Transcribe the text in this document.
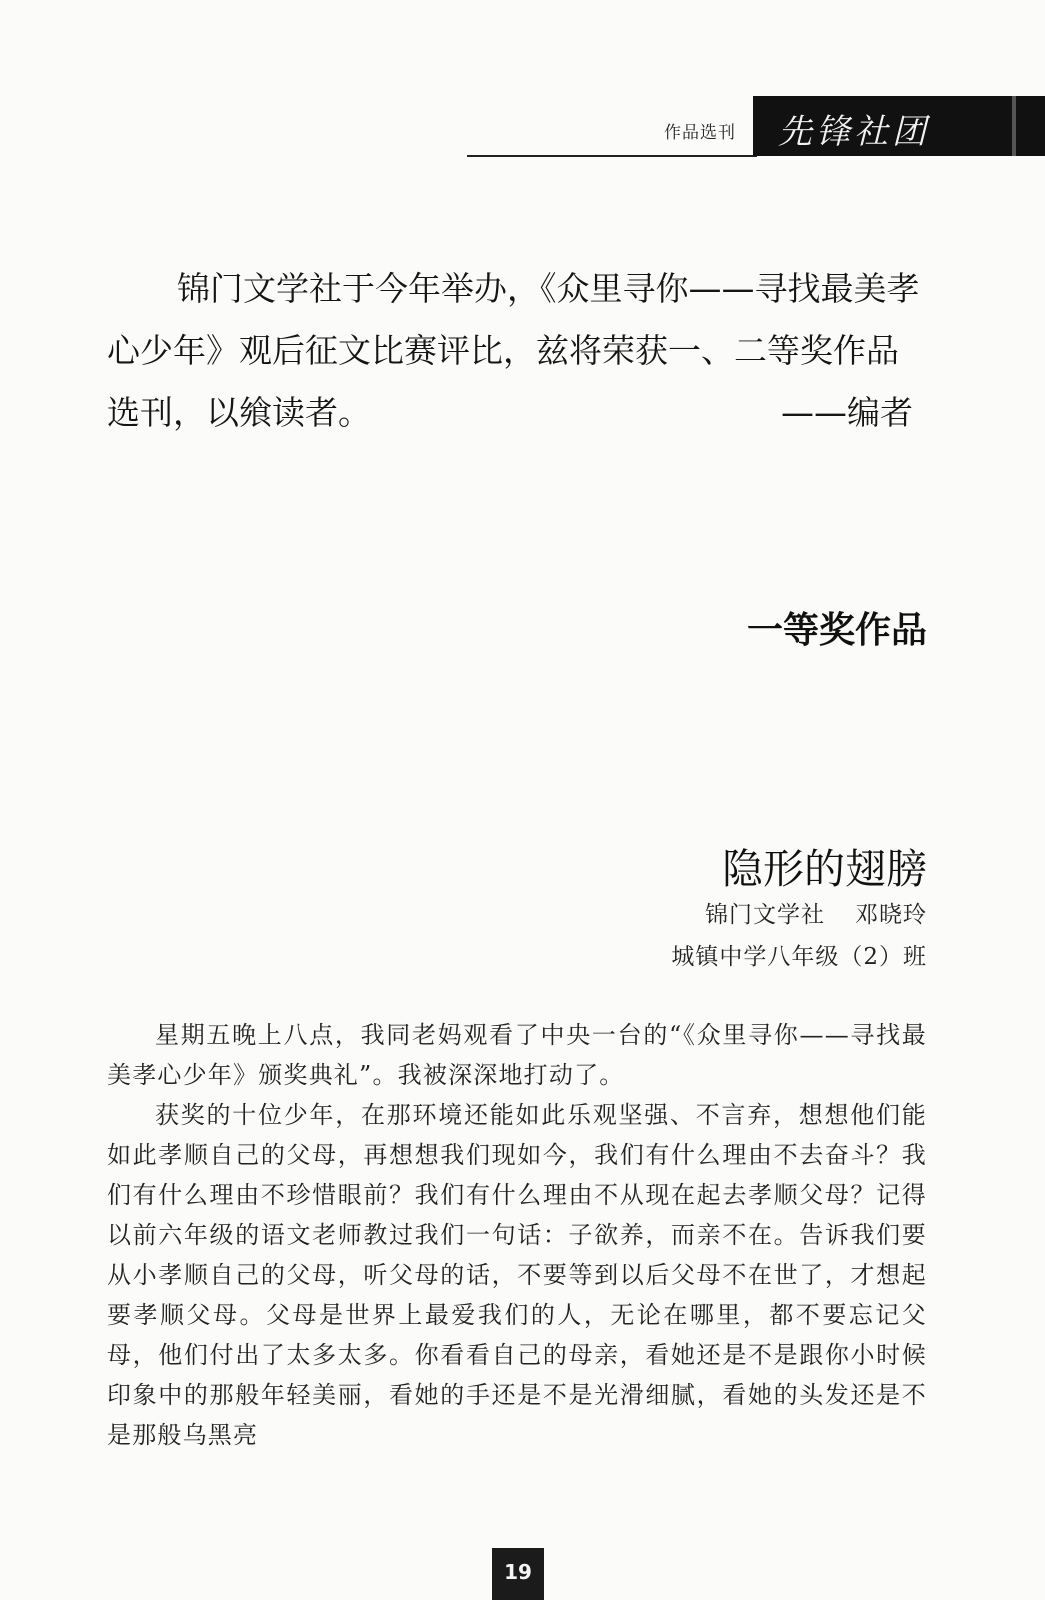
作品选刊 先锋社团
锦门文学社于今年举办，《众里寻你——寻找最美孝心少年》观后征文比赛评比，兹将荣获一、二等奖作品选刊，以飨读者。	——编者
一等奖作品
隐形的翅膀
锦门文学社 邓晓玲
城镇中学八年级（2）班

星期五晚上八点，我同老妈观看了中央一台的“《众里寻你——寻找最美孝心少年》颁奖典礼”。我被深深地打动了。

获奖的十位少年，在那环境还能如此乐观坚强、不言弃，想想他们能如此孝顺自己的父母，再想想我们现如今，我们有什么理由不去奋斗？我们有什么理由不珍惜眼前？我们有什么理由不从现在起去孝顺父母？记得以前六年级的语文老师教过我们一句话：子欲养，而亲不在。告诉我们要从小孝顺自己的父母，听父母的话，不要等到以后父母不在世了，才想起要孝顺父母。父母是世界上最爱我们的人，无论在哪里，都不要忘记父母，他们付出了太多太多。你看看自己的母亲，看她还是不是跟你小时候印象中的那般年轻美丽，看她的手还是不是光滑细腻，看她的头发还是不是那般乌黑亮

19
